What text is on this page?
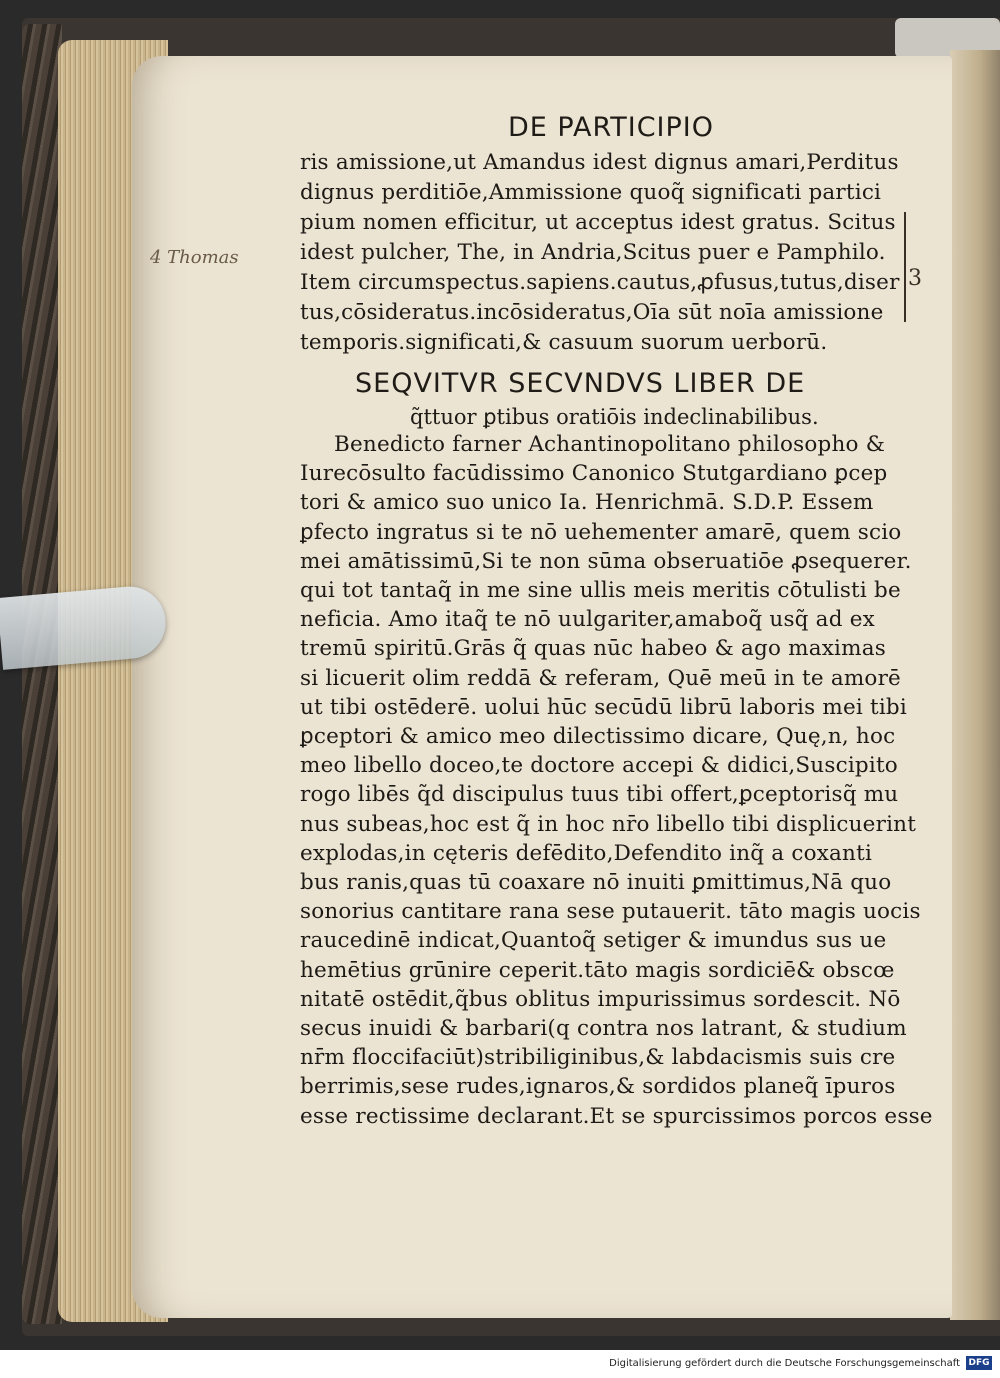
4 Thomas
DE PARTICIPIO
ris amissione,ut Amandus idest dignus amari,Perditus
dignus perditiōe,Ammissione quoq̃ significati partici
pium nomen efficitur, ut acceptus idest gratus. Scitus
idest pulcher, The, in Andria,Scitus puer e Pamphilo.
Item circumspectus.sapiens.cautus,ꝓfusus,tutus,diser
tus,cōsideratus.incōsideratus,Oīa sūt noīa amissione
temporis.significati,& casuum suorum uerborū.
3
SEQVITVR SECVNDVS LIBER DE
q̃ttuor ꝑtibus oratiōis indeclinabilibus.
Benedicto farner Achantinopolitano philosopho &
Iurecōsulto facūdissimo Canonico Stutgardiano ꝑcep
tori & amico suo unico Ia. Henrichmā. S.D.P. Essem
ꝑfecto ingratus si te nō uehementer amarē, quem scio
mei amātissimū,Si te non sūma obseruatiōe ꝓsequerer.
qui tot tantaq̃ in me sine ullis meis meritis cōtulisti be
neficia. Amo itaq̃ te nō uulgariter,amaboq̃ usq̃ ad ex
tremū spiritū.Grās q̃ quas nūc habeo & ago maximas
si licuerit olim reddā & referam, Quē meū in te amorē
ut tibi ostēderē. uolui hūc secūdū librū laboris mei tibi
ꝑceptori & amico meo dilectissimo dicare, Quę,n, hoc
meo libello doceo,te doctore accepi & didici,Suscipito
rogo libēs q̃d discipulus tuus tibi offert,ꝑceptorisq̃ mu
nus subeas,hoc est q̃ in hoc nr̄o libello tibi displicuerint
explodas,in cęteris defēdito,Defendito inq̃ a coxanti
bus ranis,quas tū coaxare nō inuiti ꝑmittimus,Nā quo
sonorius cantitare rana sese putauerit. tāto magis uocis
raucedinē indicat,Quantoq̃ setiger & imundus sus ue
hemētius grūnire ceperit.tāto magis sordiciē& obscœ
nitatē ostēdit,q̃bus oblitus impurissimus sordescit. Nō
secus inuidi & barbari(q contra nos latrant, & studium
nr̄m floccifaciūt)stribiliginibus,& labdacismis suis cre
berrimis,sese rudes,ignaros,& sordidos planeq̃ īpuros
esse rectissime declarant.Et se spurcissimos porcos esse
Digitalisierung gefördert durch die Deutsche Forschungsgemeinschaft DFG
